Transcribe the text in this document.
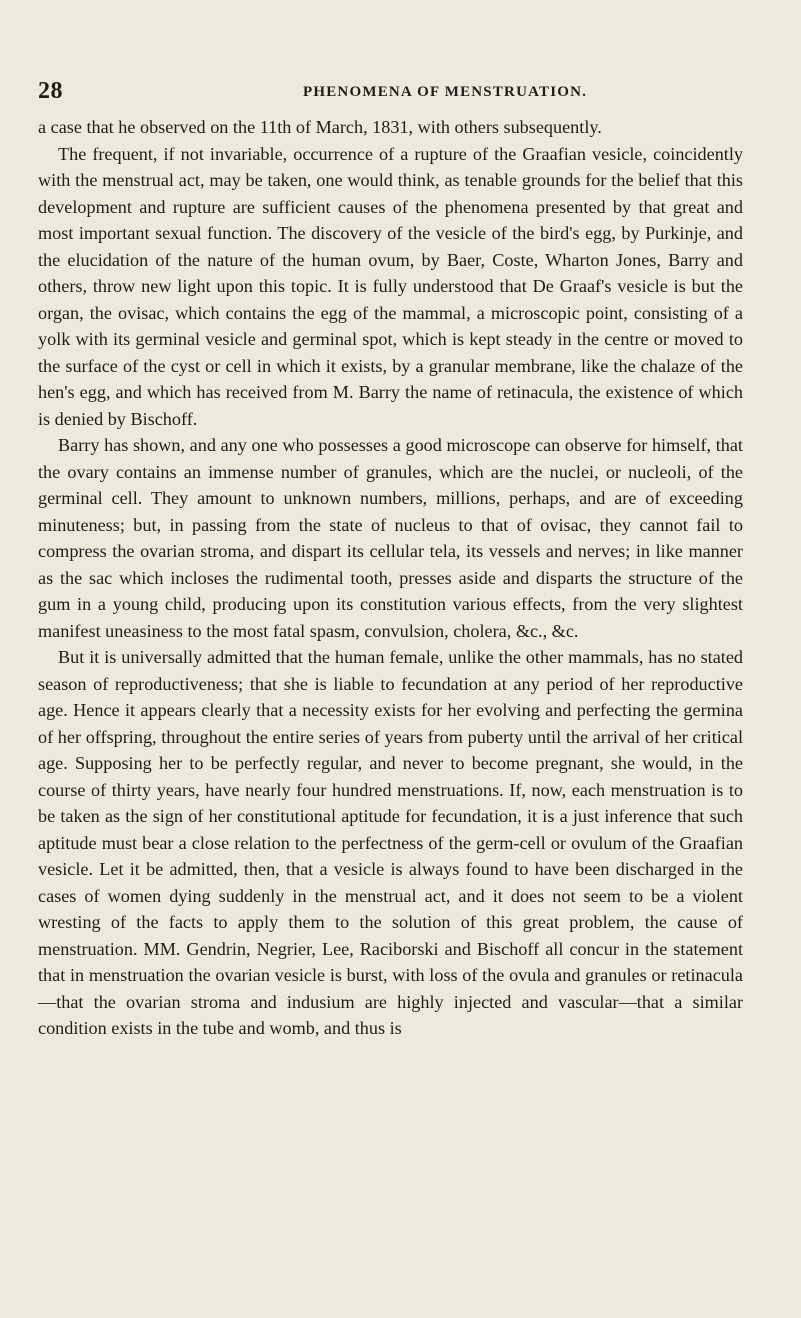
28	PHENOMENA OF MENSTRUATION.

a case that he observed on the 11th of March, 1831, with others subsequently.

The frequent, if not invariable, occurrence of a rupture of the Graafian vesicle, coincidently with the menstrual act, may be taken, one would think, as tenable grounds for the belief that this development and rupture are sufficient causes of the phenomena presented by that great and most important sexual function. The discovery of the vesicle of the bird's egg, by Purkinje, and the elucidation of the nature of the human ovum, by Baer, Coste, Wharton Jones, Barry and others, throw new light upon this topic. It is fully understood that De Graaf's vesicle is but the organ, the ovisac, which contains the egg of the mammal, a microscopic point, consisting of a yolk with its germinal vesicle and germinal spot, which is kept steady in the centre or moved to the surface of the cyst or cell in which it exists, by a granular membrane, like the chalaze of the hen's egg, and which has received from M. Barry the name of retinacula, the existence of which is denied by Bischoff.

Barry has shown, and any one who possesses a good microscope can observe for himself, that the ovary contains an immense number of granules, which are the nuclei, or nucleoli, of the germinal cell. They amount to unknown numbers, millions, perhaps, and are of exceeding minuteness; but, in passing from the state of nucleus to that of ovisac, they cannot fail to compress the ovarian stroma, and dispart its cellular tela, its vessels and nerves; in like manner as the sac which incloses the rudimental tooth, presses aside and disparts the structure of the gum in a young child, producing upon its constitution various effects, from the very slightest manifest uneasiness to the most fatal spasm, convulsion, cholera, &c., &c.

But it is universally admitted that the human female, unlike the other mammals, has no stated season of reproductiveness; that she is liable to fecundation at any period of her reproductive age. Hence it appears clearly that a necessity exists for her evolving and perfecting the germina of her offspring, throughout the entire series of years from puberty until the arrival of her critical age. Supposing her to be perfectly regular, and never to become pregnant, she would, in the course of thirty years, have nearly four hundred menstruations. If, now, each menstruation is to be taken as the sign of her constitutional aptitude for fecundation, it is a just inference that such aptitude must bear a close relation to the perfectness of the germ-cell or ovulum of the Graafian vesicle. Let it be admitted, then, that a vesicle is always found to have been discharged in the cases of women dying suddenly in the menstrual act, and it does not seem to be a violent wresting of the facts to apply them to the solution of this great problem, the cause of menstruation. MM. Gendrin, Negrier, Lee, Raciborski and Bischoff all concur in the statement that in menstruation the ovarian vesicle is burst, with loss of the ovula and granules or retinacula—that the ovarian stroma and indusium are highly injected and vascular—that a similar condition exists in the tube and womb, and thus is
